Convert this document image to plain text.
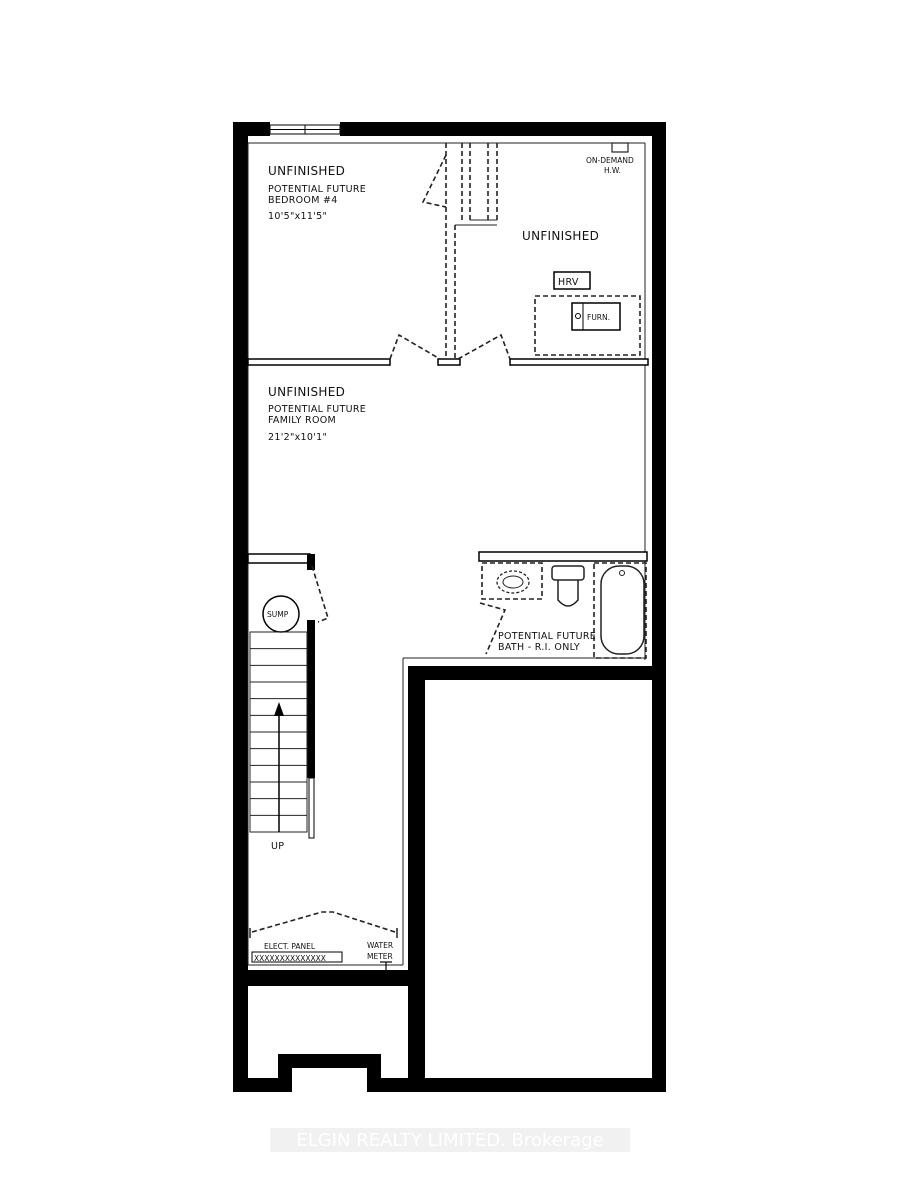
UNFINISHED
POTENTIAL FUTURE
BEDROOM #4
10'5"x11'5"
UNFINISHED
ON-DEMAND
H.W.
HRV
FURN.
UNFINISHED
POTENTIAL FUTURE
FAMILY ROOM
21'2"x10'1"
SUMP
POTENTIAL FUTURE
BATH - R.I. ONLY
UP
ELECT. PANEL
XXXXXXXXXXXXXX
WATER
METER
ELGIN REALTY LIMITED. Brokerage
